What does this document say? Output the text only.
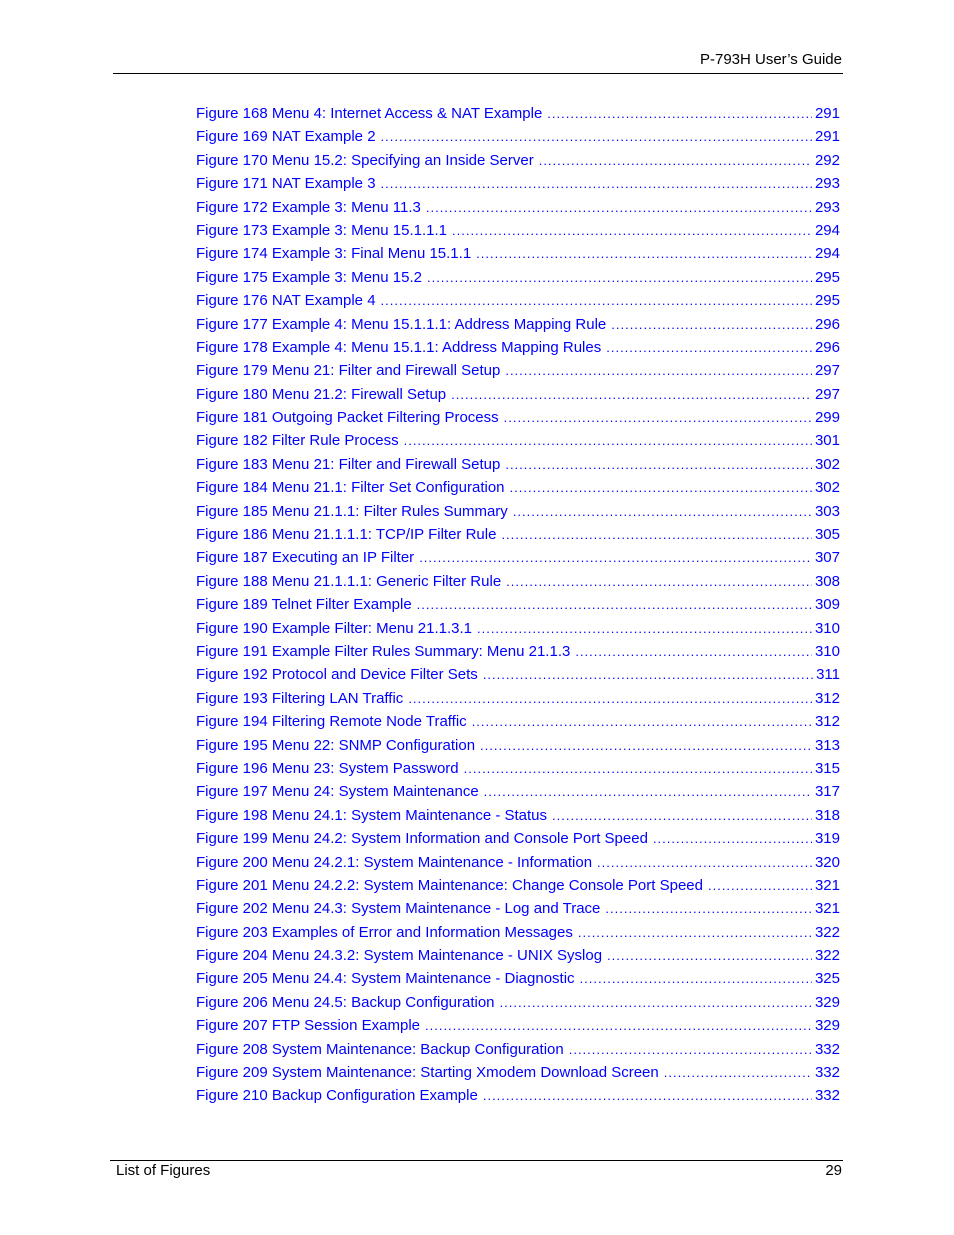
P-793H User’s Guide
Figure 168 Menu 4: Internet Access & NAT Example .....	291
Figure 169 NAT Example 2 .....	291
Figure 170 Menu 15.2: Specifying an Inside Server .....	292
Figure 171 NAT Example 3 .....	293
Figure 172 Example 3: Menu 11.3 .....	293
Figure 173 Example 3: Menu 15.1.1.1 .....	294
Figure 174 Example 3: Final Menu 15.1.1 .....	294
Figure 175 Example 3: Menu 15.2 .....	295
Figure 176 NAT Example 4 .....	295
Figure 177 Example 4: Menu 15.1.1.1: Address Mapping Rule .....	296
Figure 178 Example 4: Menu 15.1.1: Address Mapping Rules .....	296
Figure 179 Menu 21: Filter and Firewall Setup .....	297
Figure 180 Menu 21.2: Firewall Setup .....	297
Figure 181 Outgoing Packet Filtering Process .....	299
Figure 182 Filter Rule Process .....	301
Figure 183 Menu 21: Filter and Firewall Setup .....	302
Figure 184 Menu 21.1: Filter Set Configuration .....	302
Figure 185 Menu 21.1.1: Filter Rules Summary .....	303
Figure 186 Menu 21.1.1.1: TCP/IP Filter Rule .....	305
Figure 187 Executing an IP Filter .....	307
Figure 188 Menu 21.1.1.1: Generic Filter Rule .....	308
Figure 189 Telnet Filter Example .....	309
Figure 190 Example Filter: Menu 21.1.3.1 .....	310
Figure 191 Example Filter Rules Summary: Menu 21.1.3 .....	310
Figure 192 Protocol and Device Filter Sets .....	311
Figure 193 Filtering LAN Traffic .....	312
Figure 194 Filtering Remote Node Traffic .....	312
Figure 195 Menu 22: SNMP Configuration .....	313
Figure 196 Menu 23: System Password .....	315
Figure 197 Menu 24: System Maintenance .....	317
Figure 198 Menu 24.1: System Maintenance - Status .....	318
Figure 199 Menu 24.2: System Information and Console Port Speed .....	319
Figure 200 Menu 24.2.1: System Maintenance - Information .....	320
Figure 201 Menu 24.2.2: System Maintenance: Change Console Port Speed .....	321
Figure 202 Menu 24.3: System Maintenance - Log and Trace .....	321
Figure 203 Examples of Error and Information Messages .....	322
Figure 204 Menu 24.3.2: System Maintenance - UNIX Syslog .....	322
Figure 205 Menu 24.4: System Maintenance - Diagnostic .....	325
Figure 206 Menu 24.5: Backup Configuration .....	329
Figure 207 FTP Session Example .....	329
Figure 208 System Maintenance: Backup Configuration .....	332
Figure 209 System Maintenance: Starting Xmodem Download Screen .....	332
Figure 210 Backup Configuration Example .....	332
List of Figures	29
